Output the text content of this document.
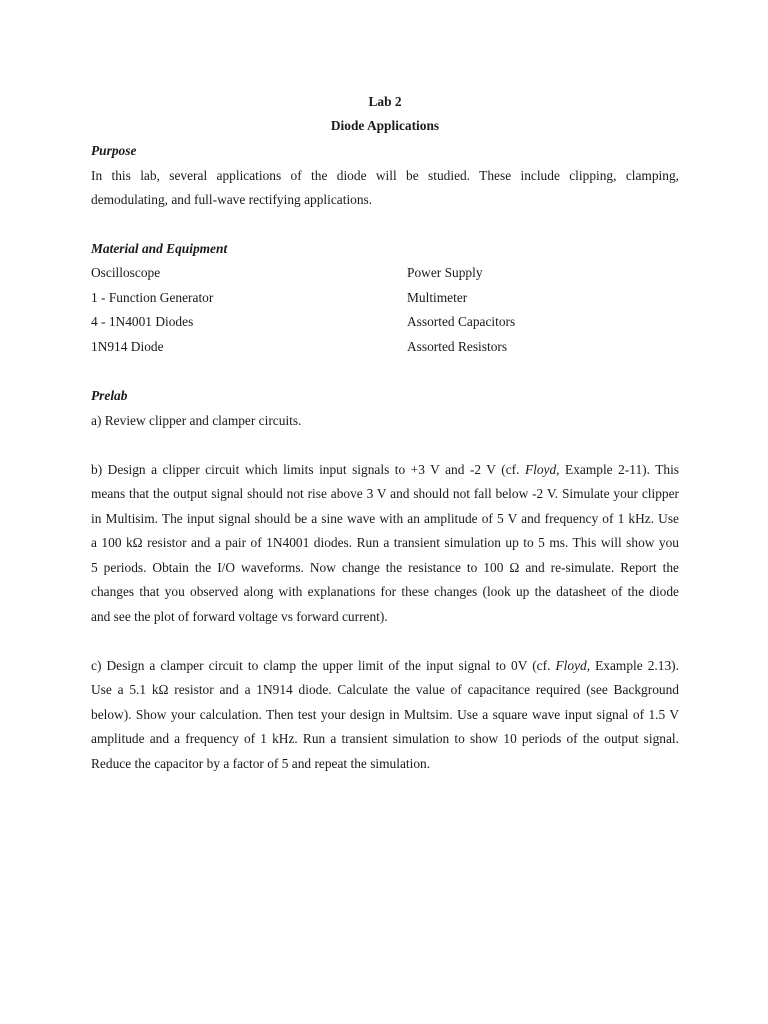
Lab 2
Diode Applications
Purpose
In this lab, several applications of the diode will be studied. These include clipping, clamping,
demodulating, and full-wave rectifying applications.
Material and Equipment
Oscilloscope	Power Supply
1 - Function Generator	Multimeter
4 - 1N4001 Diodes	Assorted Capacitors
1N914 Diode	Assorted Resistors
Prelab
a) Review clipper and clamper circuits.
b) Design a clipper circuit which limits input signals to +3 V and -2 V (cf. Floyd, Example 2-11). This
means that the output signal should not rise above 3 V and should not fall below -2 V. Simulate your clipper
in Multisim. The input signal should be a sine wave with an amplitude of 5 V and frequency of 1 kHz. Use
a 100 kΩ resistor and a pair of 1N4001 diodes. Run a transient simulation up to 5 ms. This will show you
5 periods. Obtain the I/O waveforms. Now change the resistance to 100 Ω and re-simulate. Report the
changes that you observed along with explanations for these changes (look up the datasheet of the diode
and see the plot of forward voltage vs forward current).
c) Design a clamper circuit to clamp the upper limit of the input signal to 0V (cf. Floyd, Example 2.13).
Use a 5.1 kΩ resistor and a 1N914 diode. Calculate the value of capacitance required (see Background
below). Show your calculation. Then test your design in Multsim. Use a square wave input signal of 1.5 V
amplitude and a frequency of 1 kHz. Run a transient simulation to show 10 periods of the output signal.
Reduce the capacitor by a factor of 5 and repeat the simulation.
